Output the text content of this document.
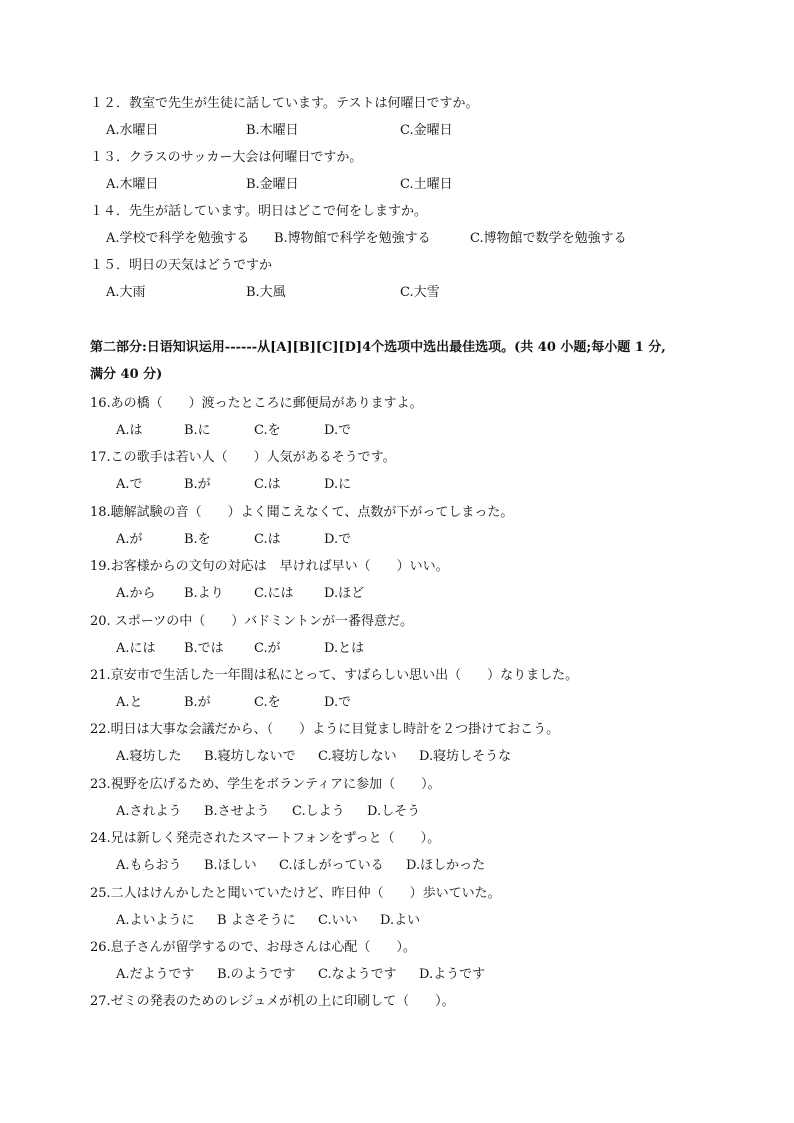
１２．教室で先生が生徒に話しています。テストは何曜日ですか。
A.水曜日	B.木曜日	C.金曜日
１３．クラスのサッカー大会は何曜日ですか。
A.木曜日	B.金曜日	C.土曜日
１４．先生が話しています。明日はどこで何をしますか。
A.学校で科学を勉強する B.博物館で科学を勉強する	C.博物館で数学を勉強する
１５．明日の天気はどうですか
A.大雨	B.大風	C.大雪
第二部分:日语知识运用------从[A][B][C][D]4个选项中选出最佳选项。(共 40 小题;每小题 1 分,
满分 40 分)
16.あの橋（　　）渡ったところに郵便局がありますよ。
A.は	B.に	C.を	D.で
17.この歌手は若い人（　　）人気があるそうです。
A.で	B.が	C.は	D.に
18.聴解試験の音（　　）よく聞こえなくて、点数が下がってしまった。
A.が	B.を	C.は	D.で
19.お客様からの文句の対応は　早ければ早い（　　）いい。
A.から B.より C.には D.ほど
20. スポーツの中（　　）バドミントンが一番得意だ。
A.には B.では C.が	D.とは
21.京安市で生活した一年間は私にとって、すばらしい思い出（　　）なりました。
A.と	B.が	C.を	D.で
22.明日は大事な会議だから、（　　）ように目覚まし時計を２つ掛けておこう。
A.寝坊した B.寝坊しないで C.寝坊しない D.寝坊しそうな
23.視野を広げるため、学生をボランティアに参加（　　）。
A.されよう B.させよう C.しよう D.しそう
24.兄は新しく発売されたスマートフォンをずっと（　　）。
A.もらおう B.ほしい C.ほしがっている D.ほしかった
25.二人はけんかしたと聞いていたけど、昨日仲（　　）歩いていた。
A.よいように B よさそうに C.いい D.よい
26.息子さんが留学するので、お母さんは心配（　　）。
A.だようです B.のようです C.なようです D.ようです
27.ゼミの発表のためのレジュメが机の上に印刷して（　　）。
